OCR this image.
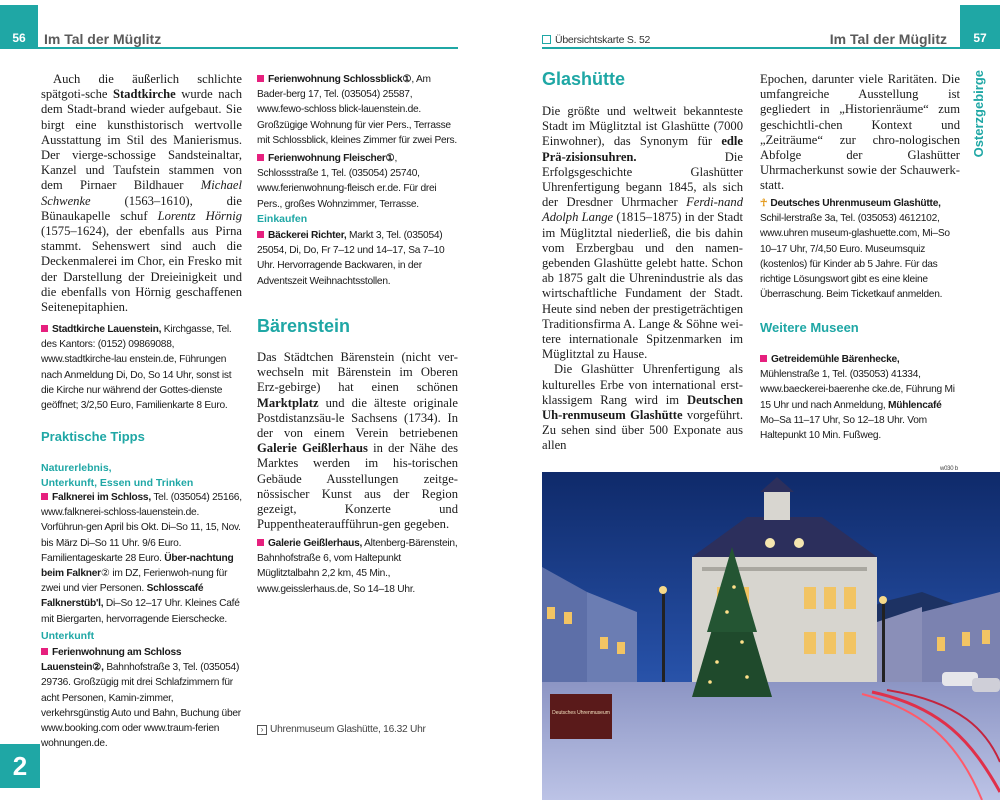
56 Im Tal der Müglitz
Auch die äußerlich schlichte spätgoti-sche Stadtkirche wurde nach dem Stadt-brand wieder aufgebaut. Sie birgt eine kunsthistorisch wertvolle Ausstattung im Stil des Manierismus. Der vierge-schossige Sandsteinaltar, Kanzel und Taufstein stammen von dem Pirnaer Bildhauer Michael Schwenke (1563–1610), die Bünaukapelle schuf Lorentz Hörnig (1575–1624), der ebenfalls aus Pirna stammt. Sehenswert sind auch die Deckenmalerei im Chor, ein Fresko mit der Darstellung der Dreieinigkeit und die ebenfalls von Hörnig geschaffenen Seitenepitaphien.
Stadtkirche Lauenstein, Kirchgasse, Tel. des Kantors: (0152) 09869088, www.stadtkirche-lau enstein.de, Führungen nach Anmeldung Di, Do, So 14 Uhr, sonst ist die Kirche nur während der Gottes-dienste geöffnet; 3/2,50 Euro, Familienkarte 8 Euro.
Praktische Tipps
Naturerlebnis,
Unterkunft, Essen und Trinken
Falknerei im Schloss, Tel. (035054) 25166, www.falknerei-schloss-lauenstein.de. Vorführun-gen April bis Okt. Di–So 11, 15, Nov. bis März Di–So 11 Uhr. 9/6 Euro. Familientageskarte 28 Euro. Über-nachtung beim Falkner② im DZ, Ferienwoh-nung für zwei und vier Personen. Schlosscafé Falknerstüb'l, Di–So 12–17 Uhr. Kleines Café mit Biergarten, hervorragende Eierschecke.
Unterkunft
Ferienwohnung am Schloss Lauenstein②, Bahnhofstraße 3, Tel. (035054) 29736. Großzügig mit drei Schlafzimmern für acht Personen, Kamin-zimmer, verkehrsgünstig Auto und Bahn, Buchung über www.booking.com oder www.traum-ferien wohnungen.de.
2
Ferienwohnung Schlossblick①, Am Bader-berg 17, Tel. (035054) 25587, www.fewo-schloss blick-lauenstein.de. Großzügige Wohnung für vier Pers., Terrasse mit Schlossblick, kleines Zimmer für zwei Pers.
Ferienwohnung Fleischer①, Schlossstraße 1, Tel. (035054) 25740, www.ferienwohnung-fleisch er.de. Für drei Pers., großes Wohnzimmer, Terrasse.
Einkaufen
Bäckerei Richter, Markt 3, Tel. (035054) 25054, Di, Do, Fr 7–12 und 14–17, Sa 7–10 Uhr. Hervorragende Backwaren, in der Adventszeit Weihnachtsstollen.
Bärenstein
Das Städtchen Bärenstein (nicht ver-wechseln mit Bärenstein im Oberen Erz-gebirge) hat einen schönen Marktplatz und die älteste originale Postdistanzsäu-le Sachsens (1734). In der von einem Verein betriebenen Galerie Geißlerhaus in der Nähe des Marktes werden im his-torischen Gebäude Ausstellungen zeitge-nössischer Kunst aus der Region gezeigt, Konzerte und Puppentheateraufführun-gen gegeben.
Galerie Geißlerhaus, Altenberg-Bärenstein, Bahnhofstraße 6, vom Haltepunkt Müglitztalbahn 2,2 km, 45 Min., www.geisslerhaus.de, So 14–18 Uhr.
› Uhrenmuseum Glashütte, 16.32 Uhr
Übersichtskarte S. 52	Im Tal der Müglitz 57
Osterzgebirge
Glashütte

Die größte und weltweit bekannteste Stadt im Müglitztal ist Glashütte (7000 Einwohner), das Synonym für edle Prä-zisionsuhren. Die Erfolgsgeschichte Glashütter Uhrenfertigung begann 1845, als sich der Dresdner Uhrmacher Ferdi-nand Adolph Lange (1815–1875) in der Stadt im Müglitztal niederließ, die bis dahin vom Erzbergbau und den namen-gebenden Glashütte gelebt hatte. Schon ab 1875 galt die Uhrenindustrie als das wirtschaftliche Fundament der Stadt. Heute sind neben der prestigeträchtigen Traditionsfirma A. Lange & Söhne wei-tere internationale Spitzenmarken im Müglitztal zu Hause.

Die Glashütter Uhrenfertigung als kulturelles Erbe von international erst-klassigem Rang wird im Deutschen Uh-renmuseum Glashütte vorgeführt. Zu sehen sind über 500 Exponate aus allen

Epochen, darunter viele Raritäten. Die umfangreiche Ausstellung ist gegliedert in „Historienräume“ zum geschichtli-chen Kontext und „Zeiträume“ zur chro-nologischen Abfolge der Glashütter Uhrmacherkunst sowie der Schauwerk-statt.
☥ Deutsches Uhrenmuseum Glashütte, Schil-lerstraße 3a, Tel. (035053) 4612102, www.uhren museum-glashuette.com, Mi–So 10–17 Uhr, 7/4,50 Euro. Museumsquiz (kostenlos) für Kinder ab 5 Jahre. Für das richtige Lösungswort gibt es eine kleine Überraschung. Beim Ticketkauf anmelden.
Weitere Museen
Getreidemühle Bärenhecke, Mühlenstraße 1, Tel. (035053) 41334, www.baeckerei-baerenhe cke.de, Führung Mi 15 Uhr und nach Anmeldung, Mühlencafé Mo–Sa 11–17 Uhr, So 12–18 Uhr. Vom Haltepunkt 10 Min. Fußweg.
w030 b
Deutsches Uhrenmuseum
